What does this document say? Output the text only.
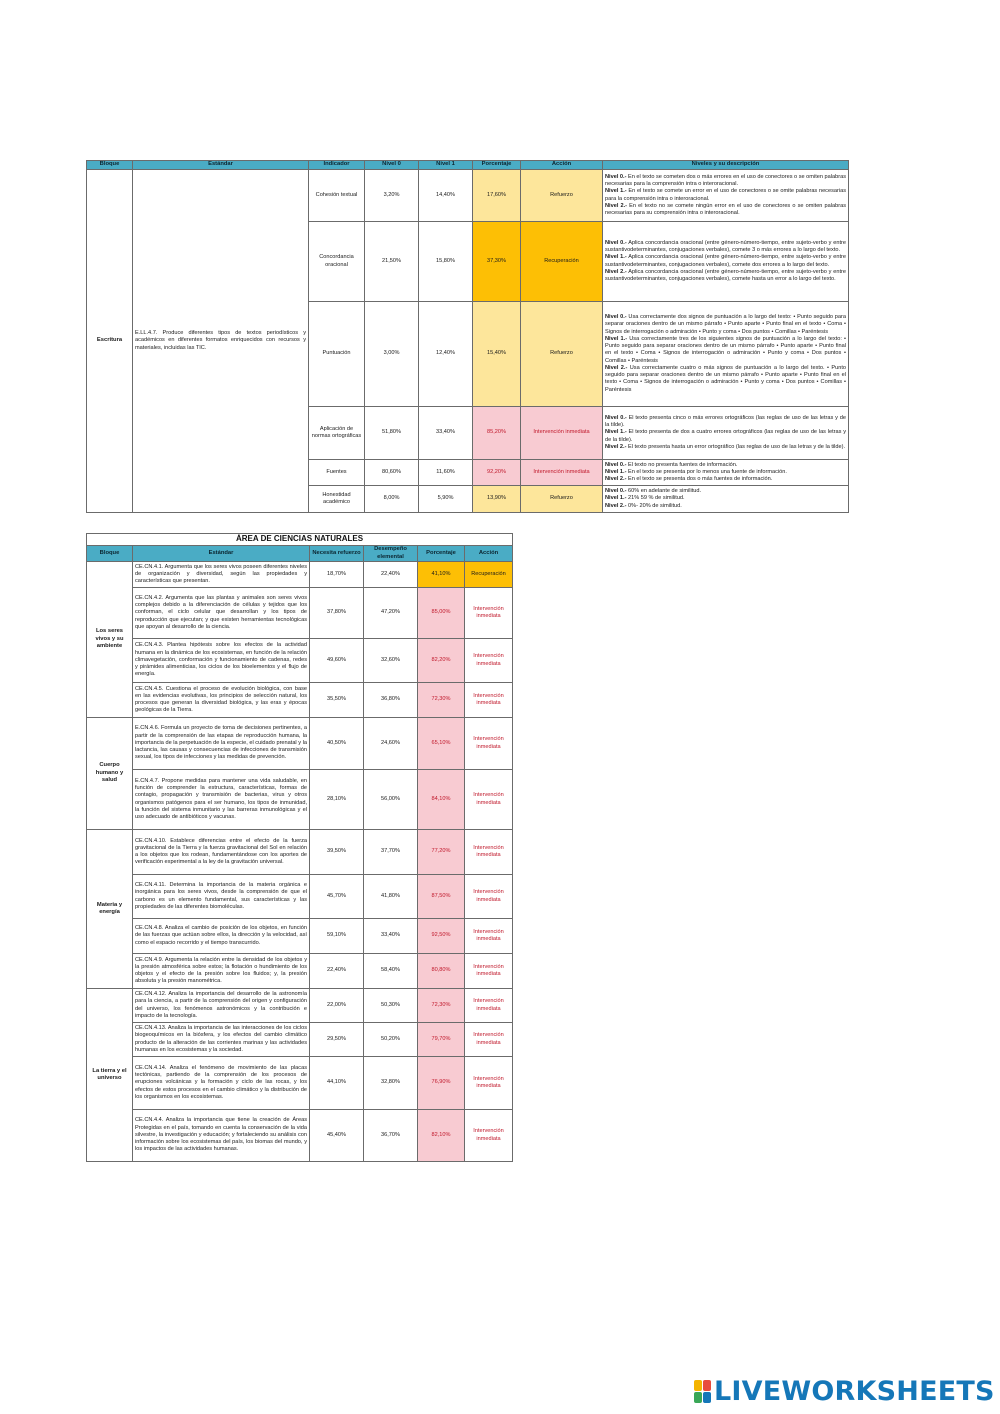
Bloque	Estándar	Indicador	Nivel 0	Nivel 1	Porcentaje	Acción	Niveles y su descripción
Escritura	E.LL.4.7. Produce diferentes tipos de textos periodísticos y académicos en diferentes formatos enriquecidos con recursos y materiales, incluidas las TIC.	Cohesión textual	3,20%	14,40%	17,60%	Refuerzo	Nivel 0.- En el texto se cometen dos o más errores en el uso de conectores o se omiten palabras necesarias para la comprensión intra o interoracional.
Nivel 1.- En el texto se comete un error en el uso de conectores o se omite palabras necesarias para la comprensión intra o interoracional.
Nivel 2.- En el texto no se comete ningún error en el uso de conectores o se omiten palabras necesarias para su comprensión intra o interoracional.

		Concordancia oracional	21,50%	15,80%	37,30%	Recuperación	Nivel 0.- Aplica concordancia oracional (entre género-número-tiempo, entre sujeto-verbo y entre sustantivodeterminantes, conjugaciones verbales), comete 3 o más errores a lo largo del texto.
Nivel 1.- Aplica concordancia oracional (entre género-número-tiempo, entre sujeto-verbo y entre sustantivodeterminantes, conjugaciones verbales), comete dos errores a lo largo del texto.
Nivel 2.- Aplica concordancia oracional (entre género-número-tiempo, entre sujeto-verbo y entre sustantivodeterminantes, conjugaciones verbales), comete hasta un error a lo largo del texto.

		Puntuación	3,00%	12,40%	15,40%	Refuerzo	Nivel 0.- Usa correctamente dos signos de puntuación a lo largo del texto: • Punto seguido para separar oraciones dentro de un mismo párrafo • Punto aparte • Punto final en el texto • Coma • Signos de interrogación o admiración • Punto y coma • Dos puntos • Comillas • Paréntesis
Nivel 1.- Usa correctamente tres de los siguientes signos de puntuación a lo largo del texto: • Punto seguido para separar oraciones dentro de un mismo párrafo • Punto aparte • Punto final en el texto • Coma • Signos de interrogación o admiración • Punto y coma • Dos puntos • Comillas • Paréntesis
Nivel 2.- Usa correctamente cuatro o más signos de puntuación a lo largo del texto. • Punto seguido para separar oraciones dentro de un mismo párrafo • Punto aparte • Punto final en el texto • Coma • Signos de interrogación o admiración • Punto y coma • Dos puntos • Comillas • Paréntesis

		Aplicación de normas ortográficas	51,80%	33,40%	85,20%	Intervención inmediata	Nivel 0.- El texto presenta cinco o más errores ortográficos (las reglas de uso de las letras y de la tilde).
Nivel 1.- El texto presenta de dos a cuatro errores ortográficos (las reglas de uso de las letras y de la tilde).
Nivel 2.- El texto presenta hasta un error ortográfico (las reglas de uso de las letras y de la tilde).

		Fuentes	80,60%	11,60%	92,20%	Intervención inmediata	Nivel 0.- El texto no presenta fuentes de información.
Nivel 1.- En el texto se presenta por lo menos una fuente de información.
Nivel 2.- En el texto se presenta dos o más fuentes de información.

		Honestidad académico	8,00%	5,90%	13,90%	Refuerzo	Nivel 0.- 60% en adelante de similitud.
Nivel 1.- 21% 59 % de similitud.
Nivel 2.- 0%- 20% de similitud.
ÁREA DE CIENCIAS NATURALES					
Bloque	Estándar	Necesita refuerzo	Desempeño elemental	Porcentaje	Acción
Los seres vivos y su ambiente	CE.CN.4.1. Argumenta que los seres vivos poseen diferentes niveles de organización y diversidad, según las propiedades y características que presentan.	18,70%	22,40%	41,10%	Recuperación
	CE.CN.4.2. Argumenta que las plantas y animales son seres vivos complejos debido a la diferenciación de células y tejidos que los conforman, el ciclo celular que desarrollan y los tipos de reproducción que ejecutan; y que existen herramientas tecnológicas que apoyan al desarrollo de la ciencia.	37,80%	47,20%	85,00%	Intervención inmediata
	CE.CN.4.3. Plantea hipótesis sobre los efectos de la actividad humana en la dinámica de los ecosistemas, en función de la relación climavegetación, conformación y funcionamiento de cadenas, redes y pirámides alimenticias, los ciclos de los bioelementos y el flujo de energía.	49,60%	32,60%	82,20%	Intervención inmediata
	CE.CN.4.5. Cuestiona el proceso de evolución biológica, con base en las evidencias evolutivas, los principios de selección natural, los procesos que generan la diversidad biológica, y las eras y épocas geológicas de la Tierra.	35,50%	36,80%	72,30%	Intervención inmediata
Cuerpo humano y salud	E.CN.4.6. Formula un proyecto de toma de decisiones pertinentes, a partir de la comprensión de las etapas de reproducción humana, la importancia de la perpetuación de la especie, el cuidado prenatal y la lactancia, las causas y consecuencias de infecciones de transmisión sexual, los tipos de infecciones y las medidas de prevención.	40,50%	24,60%	65,10%	Intervención inmediata
	E.CN.4.7. Propone medidas para mantener una vida saludable, en función de comprender la estructura, características, formas de contagio, propagación y transmisión de bacterias, virus y otros organismos patógenos para el ser humano, los tipos de inmunidad, la función del sistema inmunitario y las barreras inmunológicas y el uso adecuado de antibióticos y vacunas.	28,10%	56,00%	84,10%	Intervención inmediata
Materia y energía	CE.CN.4.10. Establece diferencias entre el efecto de la fuerza gravitacional de la Tierra y la fuerza gravitacional del Sol en relación a los objetos que los rodean, fundamentándose con los aportes de verificación experimental a la ley de la gravitación universal.	39,50%	37,70%	77,20%	Intervención inmediata
	CE.CN.4.11. Determina la importancia de la materia orgánica e inorgánica para los seres vivos, desde la comprensión de que el carbono es un elemento fundamental, sus características y las propiedades de las diferentes biomoléculas.	45,70%	41,80%	87,50%	Intervención inmediata
	CE.CN.4.8. Analiza el cambio de posición de los objetos, en función de las fuerzas que actúan sobre ellos, la dirección y la velocidad, así como el espacio recorrido y el tiempo transcurrido.	59,10%	33,40%	92,50%	Intervención inmediata
	CE.CN.4.9. Argumenta la relación entre la densidad de los objetos y la presión atmosférica sobre estos; la flotación o hundimiento de los objetos y el efecto de la presión sobre los fluidos; y, la presión absoluta y la presión manométrica.	22,40%	58,40%	80,80%	Intervención inmediata
La tierra y el universo	CE.CN.4.12. Analiza la importancia del desarrollo de la astronomía para la ciencia, a partir de la comprensión del origen y configuración del universo, los fenómenos astronómicos y la contribución e impacto de la tecnología.	22,00%	50,30%	72,30%	Intervención inmediata
	CE.CN.4.13. Analiza la importancia de las interacciones de los ciclos biogeoquímicos en la biósfera, y los efectos del cambio climático producto de la alteración de las corrientes marinas y las actividades humanas en los ecosistemas y la sociedad.	29,50%	50,20%	79,70%	Intervención inmediata
	CE.CN.4.14. Analiza el fenómeno de movimiento de las placas tectónicas, partiendo de la comprensión de los procesos de erupciones volcánicas y la formación y ciclo de las rocas, y los efectos de estos procesos en el cambio climático y la distribución de los organismos en los ecosistemas.	44,10%	32,80%	76,90%	Intervención inmediata
	CE.CN.4.4. Analiza la importancia que tiene la creación de Áreas Protegidas en el país, tomando en cuenta la conservación de la vida silvestre, la investigación y educación; y fortaleciendo su análisis con información sobre los ecosistemas del país, los biomas del mundo, y los impactos de las actividades humanas.	45,40%	36,70%	82,10%	Intervención inmediata
LIVEWORKSHEETS
